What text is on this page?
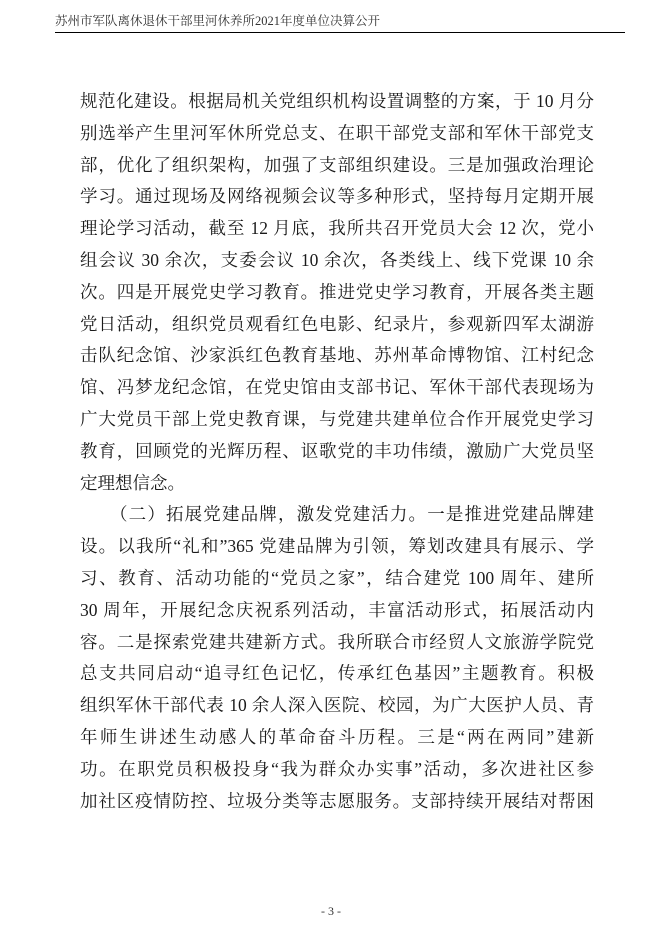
苏州市军队离休退休干部里河休养所2021年度单位决算公开
规范化建设。根据局机关党组织机构设置调整的方案，于 10 月分
别选举产生里河军休所党总支、在职干部党支部和军休干部党支
部，优化了组织架构，加强了支部组织建设。三是加强政治理论
学习。通过现场及网络视频会议等多种形式，坚持每月定期开展
理论学习活动，截至 12 月底，我所共召开党员大会 12 次，党小
组会议 30 余次，支委会议 10 余次，各类线上、线下党课 10 余
次。四是开展党史学习教育。推进党史学习教育，开展各类主题
党日活动，组织党员观看红色电影、纪录片，参观新四军太湖游
击队纪念馆、沙家浜红色教育基地、苏州革命博物馆、江村纪念
馆、冯梦龙纪念馆，在党史馆由支部书记、军休干部代表现场为
广大党员干部上党史教育课，与党建共建单位合作开展党史学习
教育，回顾党的光辉历程、讴歌党的丰功伟绩，激励广大党员坚
定理想信念。
（二）拓展党建品牌，激发党建活力。一是推进党建品牌建
设。以我所“礼和”365 党建品牌为引领，筹划改建具有展示、学
习、教育、活动功能的“党员之家”，结合建党 100 周年、建所
30 周年，开展纪念庆祝系列活动，丰富活动形式，拓展活动内
容。二是探索党建共建新方式。我所联合市经贸人文旅游学院党
总支共同启动“追寻红色记忆，传承红色基因”主题教育。积极
组织军休干部代表 10 余人深入医院、校园，为广大医护人员、青
年师生讲述生动感人的革命奋斗历程。三是“两在两同”建新
功。在职党员积极投身“我为群众办实事”活动，多次进社区参
加社区疫情防控、垃圾分类等志愿服务。支部持续开展结对帮困
- 3 -
